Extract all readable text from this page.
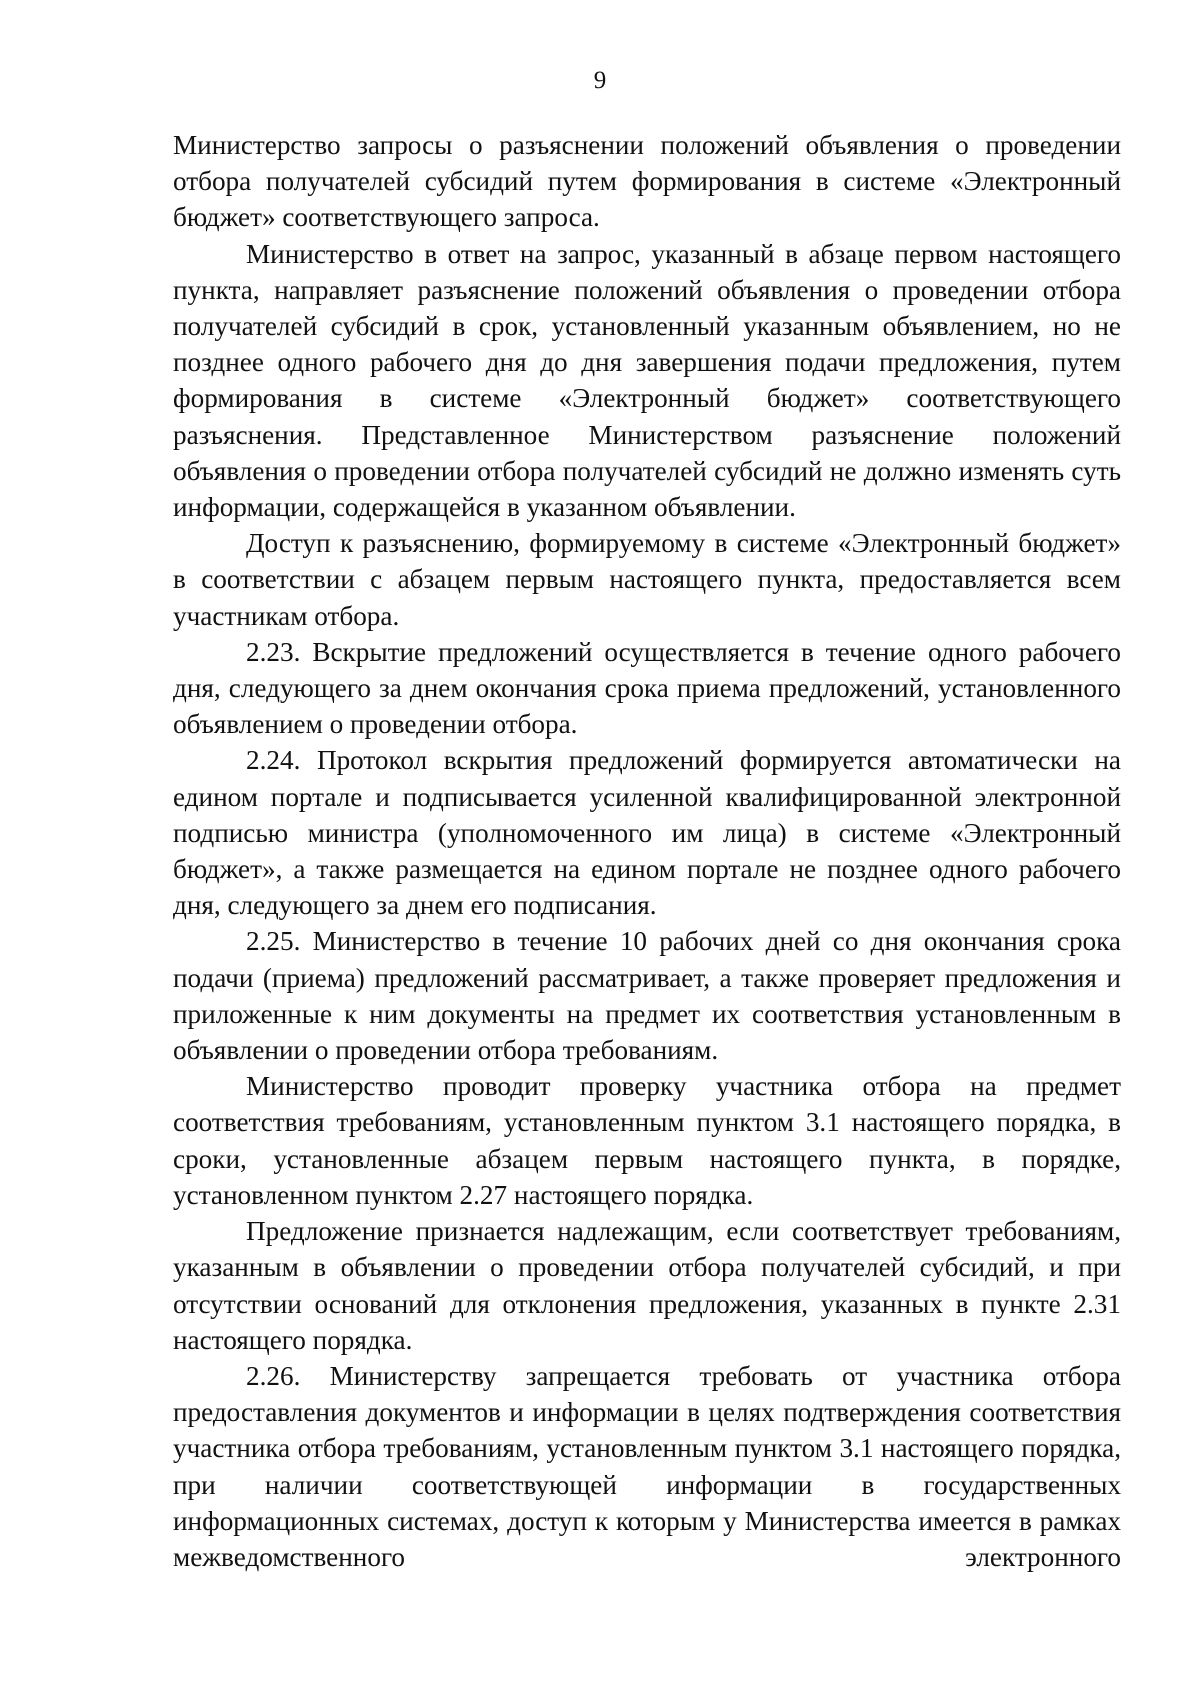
9

Министерство запросы о разъяснении положений объявления о проведении отбора получателей субсидий путем формирования в системе «Электронный бюджет» соответствующего запроса.

Министерство в ответ на запрос, указанный в абзаце первом настоящего пункта, направляет разъяснение положений объявления о проведении отбора получателей субсидий в срок, установленный указанным объявлением, но не позднее одного рабочего дня до дня завершения подачи предложения, путем формирования в системе «Электронный бюджет» соответствующего разъяснения. Представленное Министерством разъяснение положений объявления о проведении отбора получателей субсидий не должно изменять суть информации, содержащейся в указанном объявлении.

Доступ к разъяснению, формируемому в системе «Электронный бюджет» в соответствии с абзацем первым настоящего пункта, предоставляется всем участникам отбора.

2.23. Вскрытие предложений осуществляется в течение одного рабочего дня, следующего за днем окончания срока приема предложений, установленного объявлением о проведении отбора.

2.24. Протокол вскрытия предложений формируется автоматически на едином портале и подписывается усиленной квалифицированной электронной подписью министра (уполномоченного им лица) в системе «Электронный бюджет», а также размещается на едином портале не позднее одного рабочего дня, следующего за днем его подписания.

2.25. Министерство в течение 10 рабочих дней со дня окончания срока подачи (приема) предложений рассматривает, а также проверяет предложения и приложенные к ним документы на предмет их соответствия установленным в объявлении о проведении отбора требованиям.

Министерство проводит проверку участника отбора на предмет соответствия требованиям, установленным пунктом 3.1 настоящего порядка, в сроки, установленные абзацем первым настоящего пункта, в порядке, установленном пунктом 2.27 настоящего порядка.

Предложение признается надлежащим, если соответствует требованиям, указанным в объявлении о проведении отбора получателей субсидий, и при отсутствии оснований для отклонения предложения, указанных в пункте 2.31 настоящего порядка.

2.26. Министерству запрещается требовать от участника отбора предоставления документов и информации в целях подтверждения соответствия участника отбора требованиям, установленным пунктом 3.1 настоящего порядка, при наличии соответствующей информации в государственных информационных системах, доступ к которым у Министерства имеется в рамках межведомственного электронного
